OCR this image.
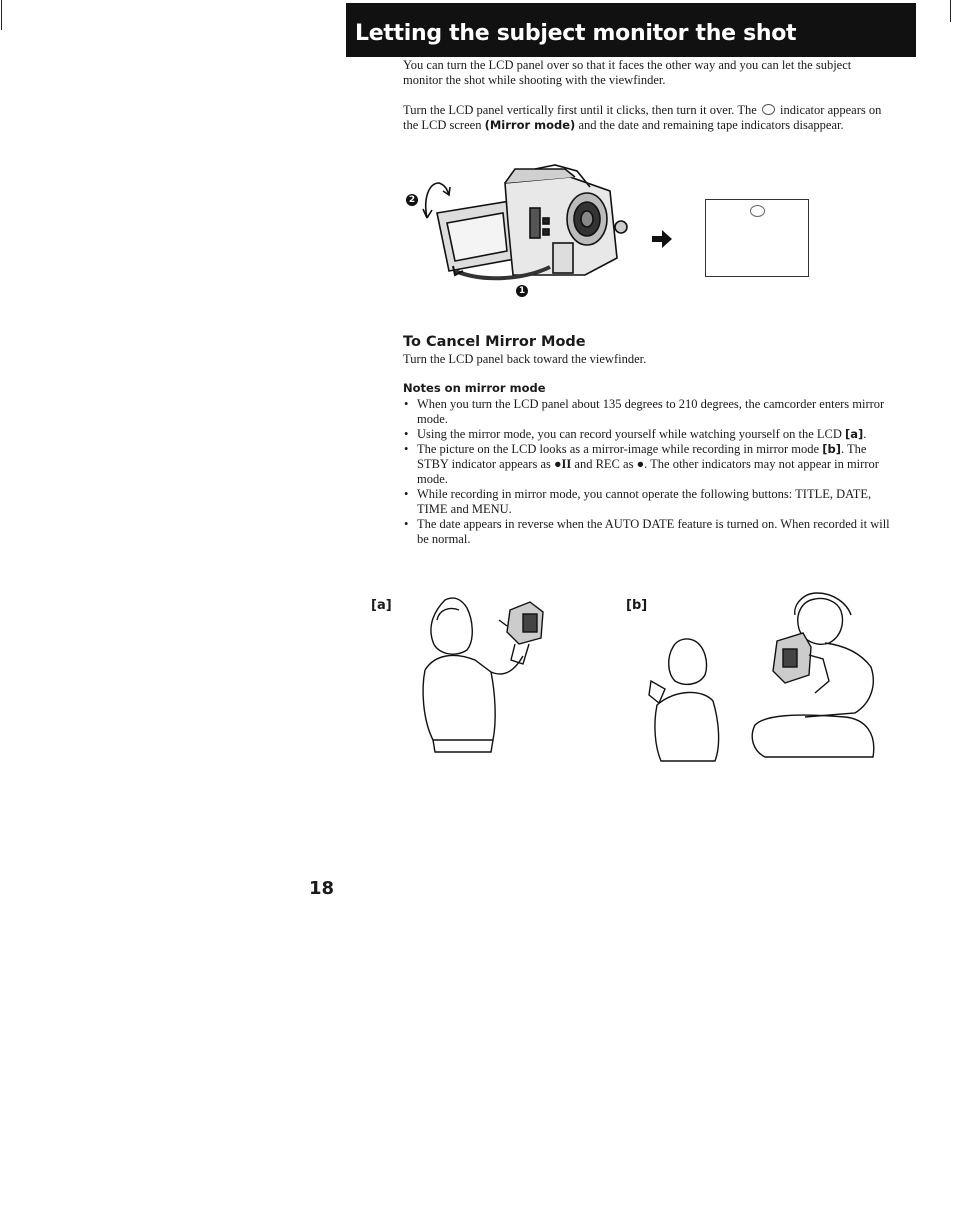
Letting the subject monitor the shot

You can turn the LCD panel over so that it faces the other way and you can let the subject monitor the shot while shooting with the viewfinder.

Turn the LCD panel vertically first until it clicks, then turn it over. The indicator appears on the LCD screen (Mirror mode) and the date and remaining tape indicators disappear.

2
1
To Cancel Mirror Mode

Turn the LCD panel back toward the viewfinder.

Notes on mirror mode
• When you turn the LCD panel about 135 degrees to 210 degrees, the camcorder enters mirror mode.
• Using the mirror mode, you can record yourself while watching yourself on the LCD [a].
• The picture on the LCD looks as a mirror-image while recording in mirror mode [b]. The STBY indicator appears as ●II and REC as ●. The other indicators may not appear in mirror mode.
• While recording in mirror mode, you cannot operate the following buttons: TITLE, DATE, TIME and MENU.
• The date appears in reverse when the AUTO DATE feature is turned on. When recorded it will be normal.
[a]	[b]
18
